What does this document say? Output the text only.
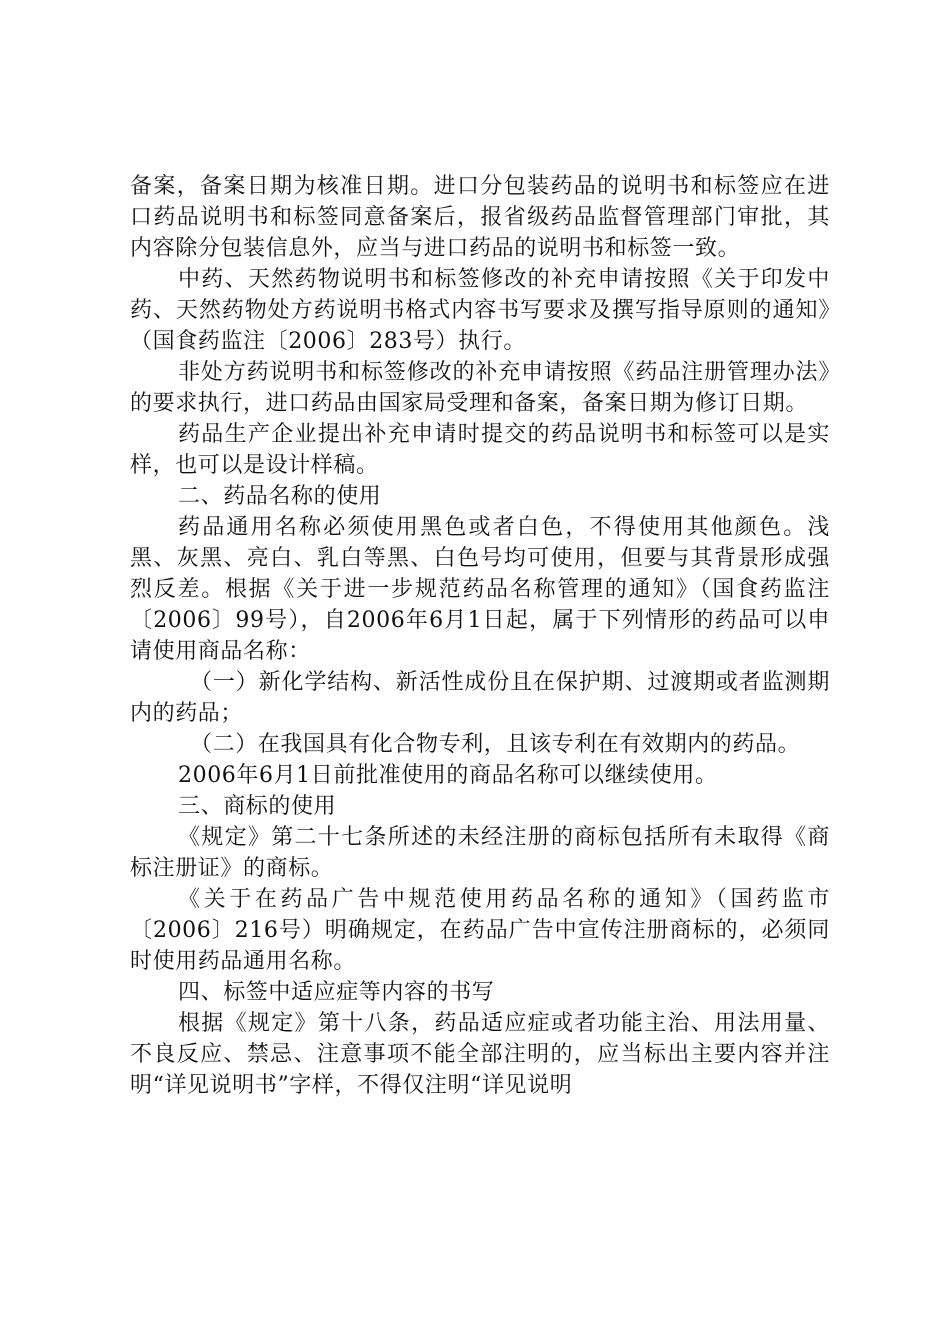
备案，备案日期为核准日期。进口分包装药品的说明书和标签应在进口药品说明书和标签同意备案后，报省级药品监督管理部门审批，其内容除分包装信息外，应当与进口药品的说明书和标签一致。

中药、天然药物说明书和标签修改的补充申请按照《关于印发中药、天然药物处方药说明书格式内容书写要求及撰写指导原则的通知》（国食药监注〔2006〕283号）执行。

非处方药说明书和标签修改的补充申请按照《药品注册管理办法》的要求执行，进口药品由国家局受理和备案，备案日期为修订日期。

药品生产企业提出补充申请时提交的药品说明书和标签可以是实样，也可以是设计样稿。

二、药品名称的使用

药品通用名称必须使用黑色或者白色，不得使用其他颜色。浅黑、灰黑、亮白、乳白等黑、白色号均可使用，但要与其背景形成强烈反差。根据《关于进一步规范药品名称管理的通知》（国食药监注〔2006〕99号），自2006年6月1日起，属于下列情形的药品可以申请使用商品名称：

（一）新化学结构、新活性成份且在保护期、过渡期或者监测期内的药品；

（二）在我国具有化合物专利，且该专利在有效期内的药品。

2006年6月1日前批准使用的商品名称可以继续使用。

三、商标的使用

《规定》第二十七条所述的未经注册的商标包括所有未取得《商标注册证》的商标。

《关于在药品广告中规范使用药品名称的通知》（国药监市〔2006〕216号）明确规定，在药品广告中宣传注册商标的，必须同时使用药品通用名称。

四、标签中适应症等内容的书写

根据《规定》第十八条，药品适应症或者功能主治、用法用量、不良反应、禁忌、注意事项不能全部注明的，应当标出主要内容并注明“详见说明书”字样，不得仅注明“详见说明
